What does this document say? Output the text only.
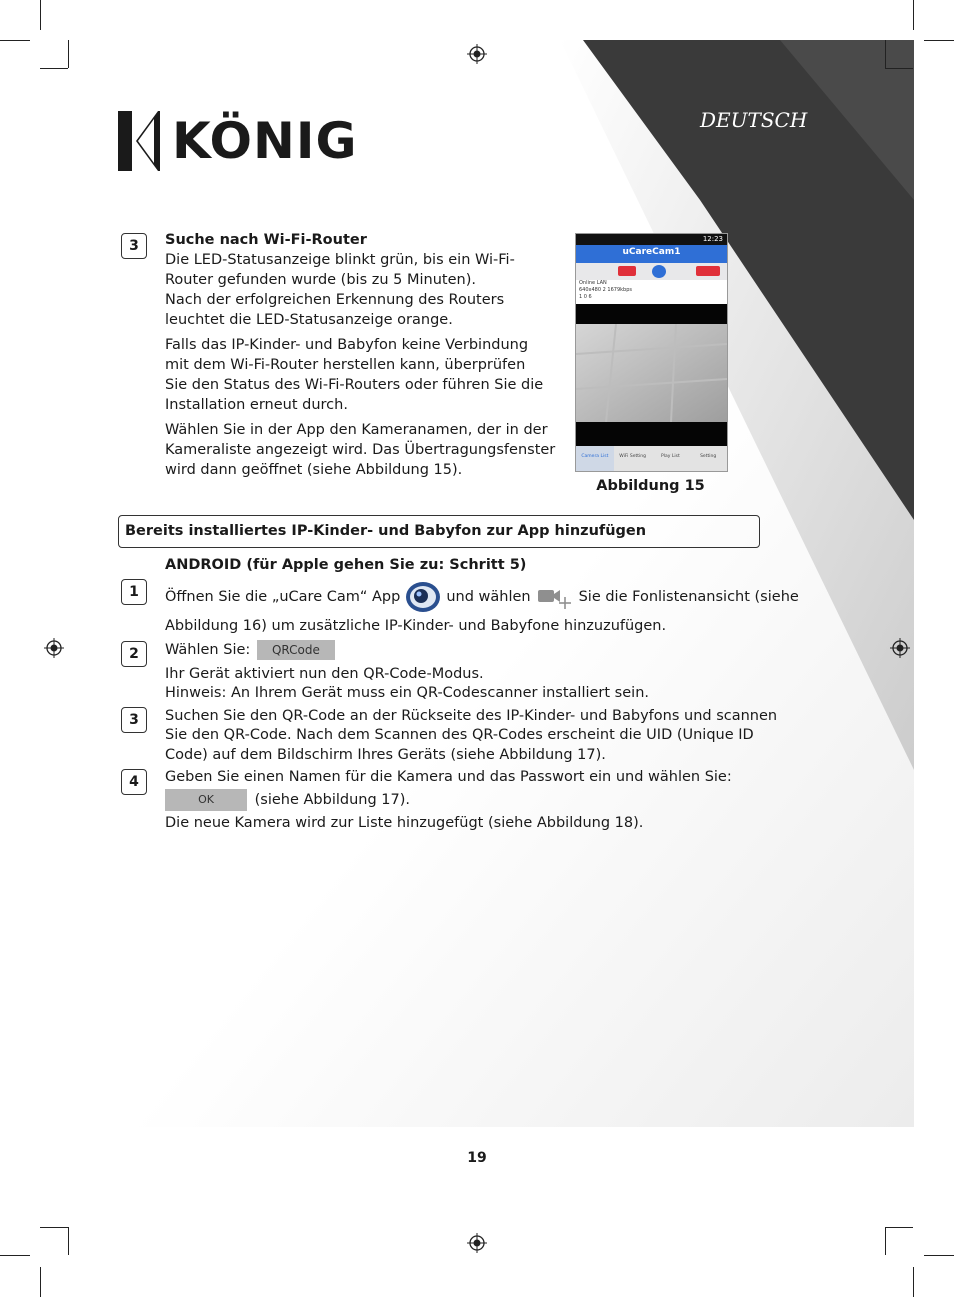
KÖNIG	DEUTSCH
3	Suche nach Wi-Fi-Router
Die LED-Statusanzeige blinkt grün, bis ein Wi-Fi-
Router gefunden wurde (bis zu 5 Minuten).
Nach der erfolgreichen Erkennung des Routers
leuchtet die LED-Statusanzeige orange.
Falls das IP-Kinder- und Babyfon keine Verbindung
mit dem Wi-Fi-Router herstellen kann, überprüfen
Sie den Status des Wi-Fi-Routers oder führen Sie die
Installation erneut durch.
Wählen Sie in der App den Kameranamen, der in der
Kameraliste angezeigt wird. Das Übertragungsfenster
wird dann geöffnet (siehe Abbildung 15).
12:23
uCareCam1
Online LAN
640x480 2 1679kbps
1 0 6
Camera List	WiFi Setting	Play List	Setting
Abbildung 15
Bereits installiertes IP-Kinder- und Babyfon zur App hinzufügen
ANDROID (für Apple gehen Sie zu: Schritt 5)
1	Öffnen Sie die „uCare Cam“ App	und wählen	Sie die Fonlistenansicht (siehe
Abbildung 16) um zusätzliche IP-Kinder- und Babyfone hinzuzufügen.
2	Wählen Sie: QRCode
Ihr Gerät aktiviert nun den QR-Code-Modus.
Hinweis: An Ihrem Gerät muss ein QR-Codescanner installiert sein.
3	Suchen Sie den QR-Code an der Rückseite des IP-Kinder- und Babyfons und scannen
Sie den QR-Code. Nach dem Scannen des QR-Codes erscheint die UID (Unique ID
Code) auf dem Bildschirm Ihres Geräts (siehe Abbildung 17).
4	Geben Sie einen Namen für die Kamera und das Passwort ein und wählen Sie:
OK	(siehe Abbildung 17).
Die neue Kamera wird zur Liste hinzugefügt (siehe Abbildung 18).
19
